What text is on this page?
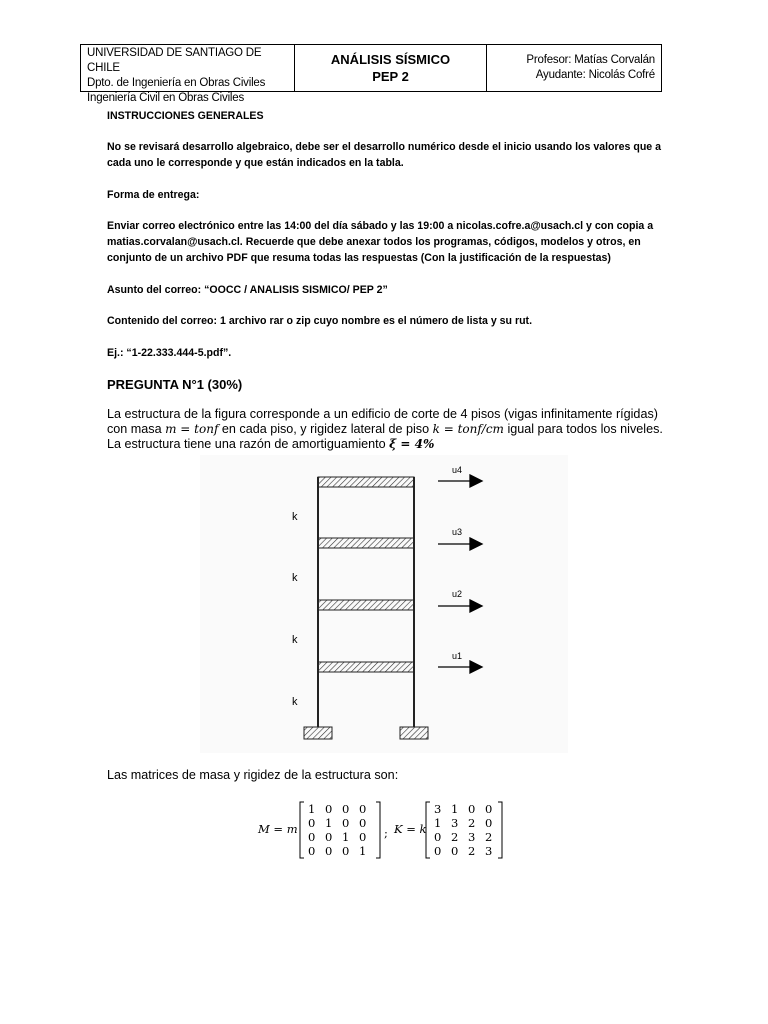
UNIVERSIDAD DE SANTIAGO DE CHILE
Dpto. de Ingeniería en Obras Civiles
Ingeniería Civil en Obras Civiles
ANÁLISIS SÍSMICO
PEP 2
Profesor: Matías Corvalán
Ayudante: Nicolás Cofré
INSTRUCCIONES GENERALES
No se revisará desarrollo algebraico, debe ser el desarrollo numérico desde el inicio usando los valores que a cada uno le corresponde y que están indicados en la tabla.
Forma de entrega:
Enviar correo electrónico entre las 14:00 del día sábado y las 19:00 a nicolas.cofre.a@usach.cl y con copia a matias.corvalan@usach.cl. Recuerde que debe anexar todos los programas, códigos, modelos y otros, en conjunto de un archivo PDF que resuma todas las respuestas (Con la justificación de la respuestas)
Asunto del correo: “OOCC / ANALISIS SISMICO/ PEP 2”
Contenido del correo: 1 archivo rar o zip cuyo nombre es el número de lista y su rut.
Ej.: “1-22.333.444-5.pdf”.
PREGUNTA N°1 (30%)
La estructura de la figura corresponde a un edificio de corte de 4 pisos (vigas infinitamente rígidas)
con masa m = tonf en cada piso, y rigidez lateral de piso k = tonf/cm igual para todos los niveles.
La estructura tiene una razón de amortiguamiento ξ = 4%
k
k
k
k
u4
u3
u2
u1
Las matrices de masa y rigidez de la estructura son:
M = m	; K = k
1 0 0 0
0 1 0 0
0 0 1 0
0 0 0 1
3 1 0 0
1 3 2 0
0 2 3 2
0 0 2 3
